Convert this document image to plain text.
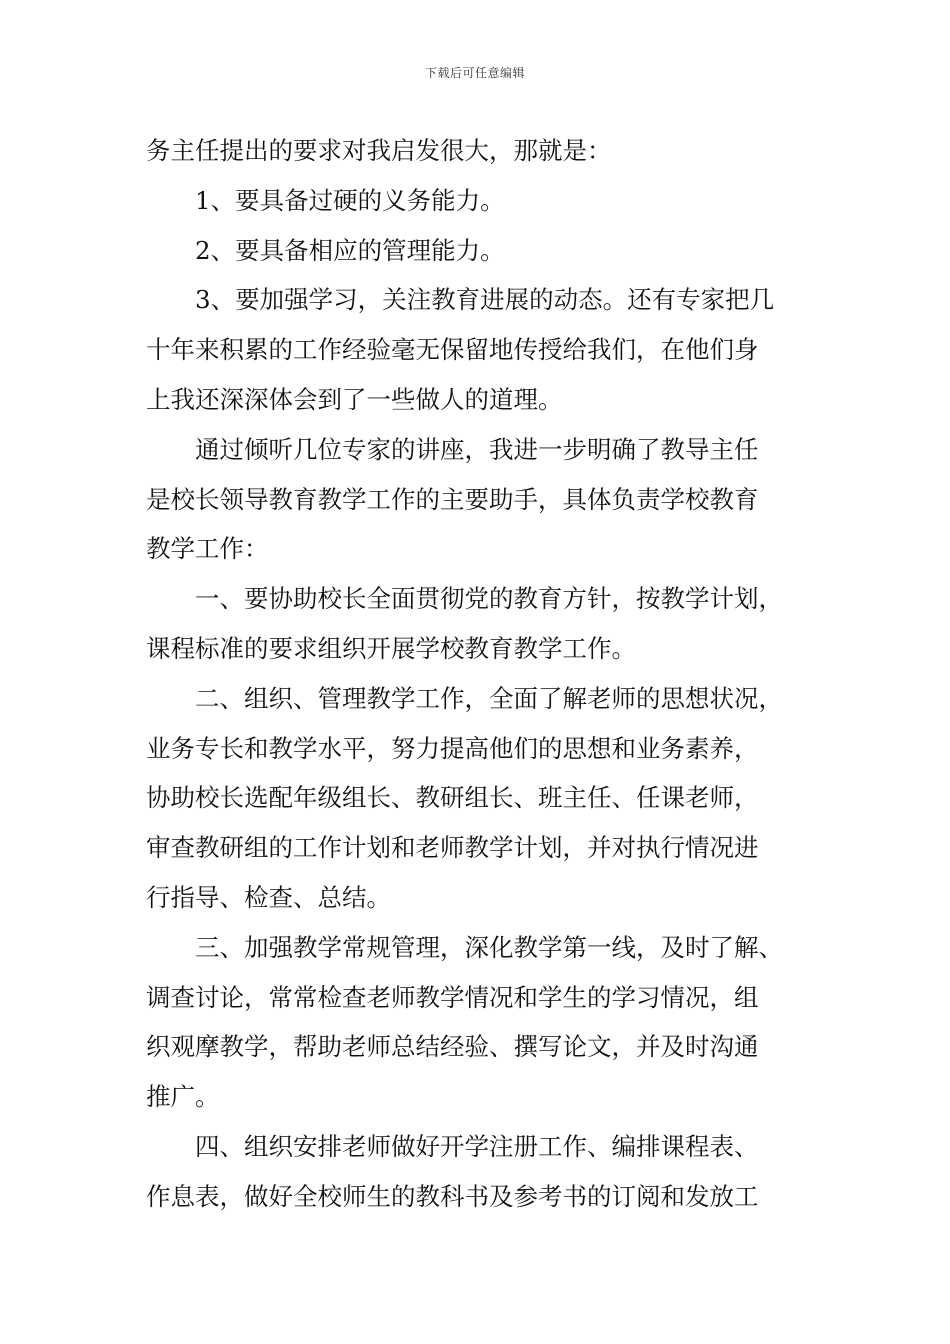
下载后可任意编辑
务主任提出的要求对我启发很大，那就是：
1、要具备过硬的义务能力。
2、要具备相应的管理能力。
3、要加强学习，关注教育进展的动态。还有专家把几
十年来积累的工作经验毫无保留地传授给我们，在他们身
上我还深深体会到了一些做人的道理。
通过倾听几位专家的讲座，我进一步明确了教导主任
是校长领导教育教学工作的主要助手，具体负责学校教育
教学工作：
一、要协助校长全面贯彻党的教育方针，按教学计划，
课程标准的要求组织开展学校教育教学工作。
二、组织、管理教学工作，全面了解老师的思想状况，
业务专长和教学水平，努力提高他们的思想和业务素养，
协助校长选配年级组长、教研组长、班主任、任课老师，
审查教研组的工作计划和老师教学计划，并对执行情况进
行指导、检查、总结。
三、加强教学常规管理，深化教学第一线，及时了解、
调查讨论，常常检查老师教学情况和学生的学习情况，组
织观摩教学，帮助老师总结经验、撰写论文，并及时沟通
推广。
四、组织安排老师做好开学注册工作、编排课程表、
作息表，做好全校师生的教科书及参考书的订阅和发放工
